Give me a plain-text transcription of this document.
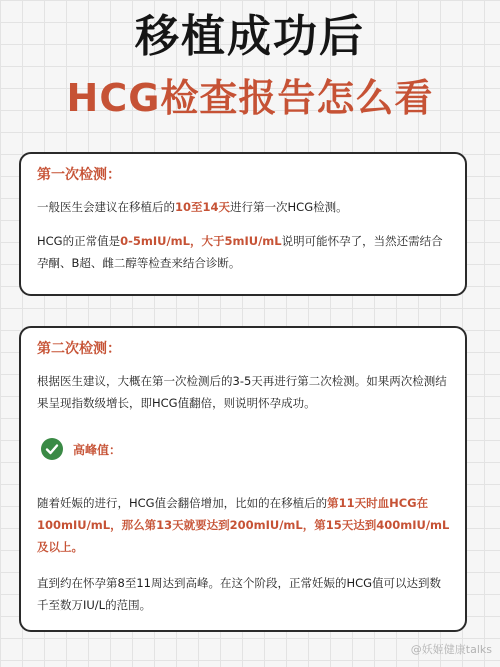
移植成功后
HCG检查报告怎么看
第一次检测：
一般医生会建议在移植后的10至14天进行第一次HCG检测。
HCG的正常值是0-5mIU/mL，大于5mIU/mL说明可能怀孕了，当然还需结合孕酮、B超、雌二醇等检查来结合诊断。
第二次检测：
根据医生建议，大概在第一次检测后的3-5天再进行第二次检测。如果两次检测结果呈现指数级增长，即HCG值翻倍，则说明怀孕成功。
高峰值：
随着妊娠的进行，HCG值会翻倍增加，比如的在移植后的第11天时血HCG在100mIU/mL，那么第13天就要达到200mIU/mL，第15天达到400mIU/mL及以上。
直到约在怀孕第8至11周达到高峰。在这个阶段，正常妊娠的HCG值可以达到数千至数万IU/L的范围。
@妖姬健康talks
